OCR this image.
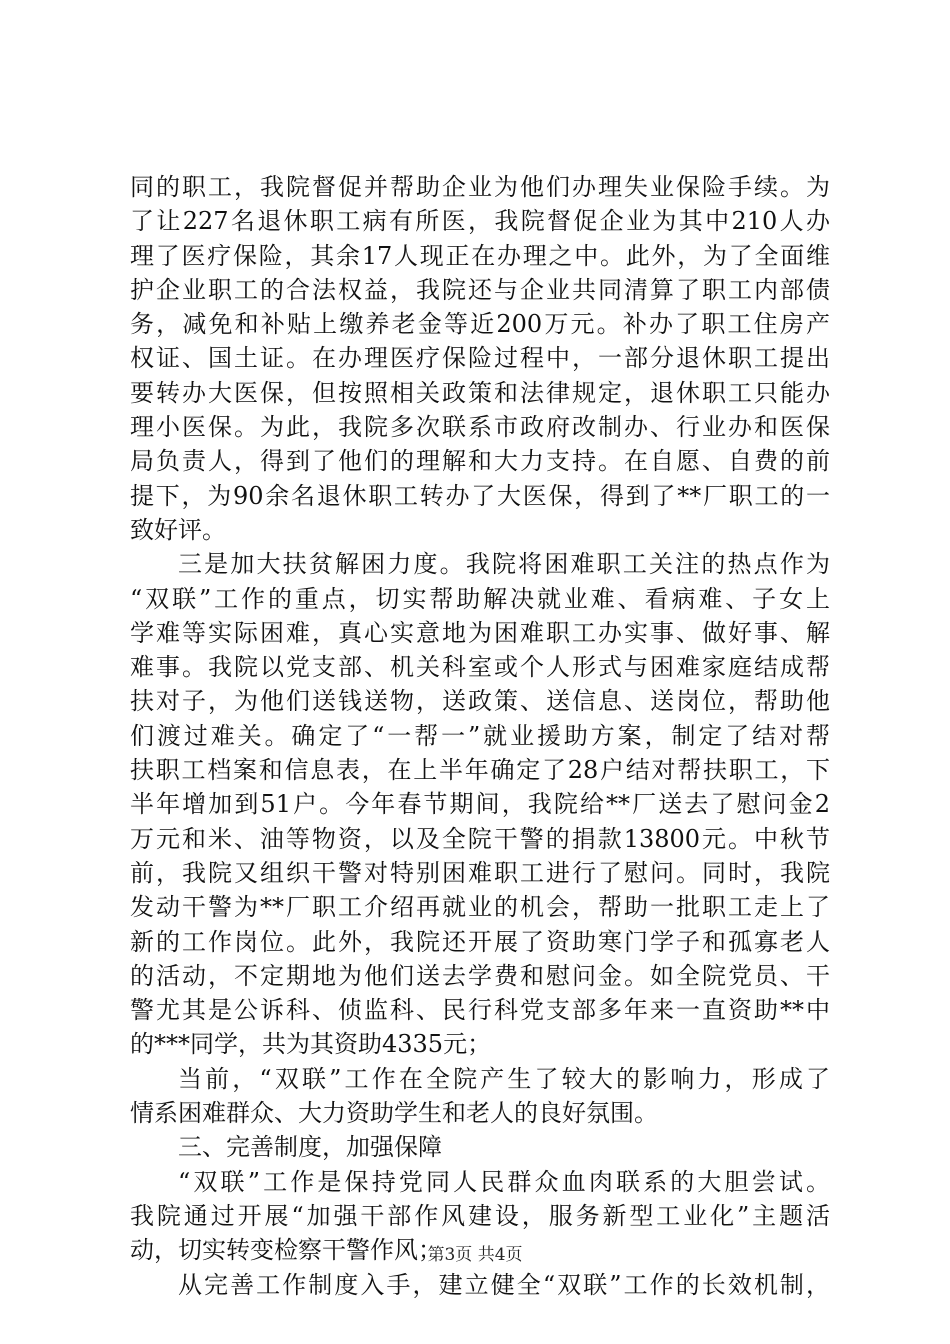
同的职工，我院督促并帮助企业为他们办理失业保险手续。为
了让227名退休职工病有所医，我院督促企业为其中210人办
理了医疗保险，其余17人现正在办理之中。此外，为了全面维
护企业职工的合法权益，我院还与企业共同清算了职工内部债
务，减免和补贴上缴养老金等近200万元。补办了职工住房产
权证、国土证。在办理医疗保险过程中，一部分退休职工提出
要转办大医保，但按照相关政策和法律规定，退休职工只能办
理小医保。为此，我院多次联系市政府改制办、行业办和医保
局负责人，得到了他们的理解和大力支持。在自愿、自费的前
提下，为90余名退休职工转办了大医保，得到了**厂职工的一
致好评。
三是加大扶贫解困力度。我院将困难职工关注的热点作为
“双联”工作的重点，切实帮助解决就业难、看病难、子女上
学难等实际困难，真心实意地为困难职工办实事、做好事、解
难事。我院以党支部、机关科室或个人形式与困难家庭结成帮
扶对子，为他们送钱送物，送政策、送信息、送岗位，帮助他
们渡过难关。确定了“一帮一”就业援助方案，制定了结对帮
扶职工档案和信息表，在上半年确定了28户结对帮扶职工，下
半年增加到51户。今年春节期间，我院给**厂送去了慰问金2
万元和米、油等物资，以及全院干警的捐款13800元。中秋节
前，我院又组织干警对特别困难职工进行了慰问。同时，我院
发动干警为**厂职工介绍再就业的机会，帮助一批职工走上了
新的工作岗位。此外，我院还开展了资助寒门学子和孤寡老人
的活动，不定期地为他们送去学费和慰问金。如全院党员、干
警尤其是公诉科、侦监科、民行科党支部多年来一直资助**中
的***同学，共为其资助4335元；
当前，“双联”工作在全院产生了较大的影响力，形成了
情系困难群众、大力资助学生和老人的良好氛围。
三、完善制度，加强保障
“双联”工作是保持党同人民群众血肉联系的大胆尝试。
我院通过开展“加强干部作风建设，服务新型工业化”主题活
动，切实转变检察干警作风；
从完善工作制度入手，建立健全“双联”工作的长效机制，
第3页 共4页
